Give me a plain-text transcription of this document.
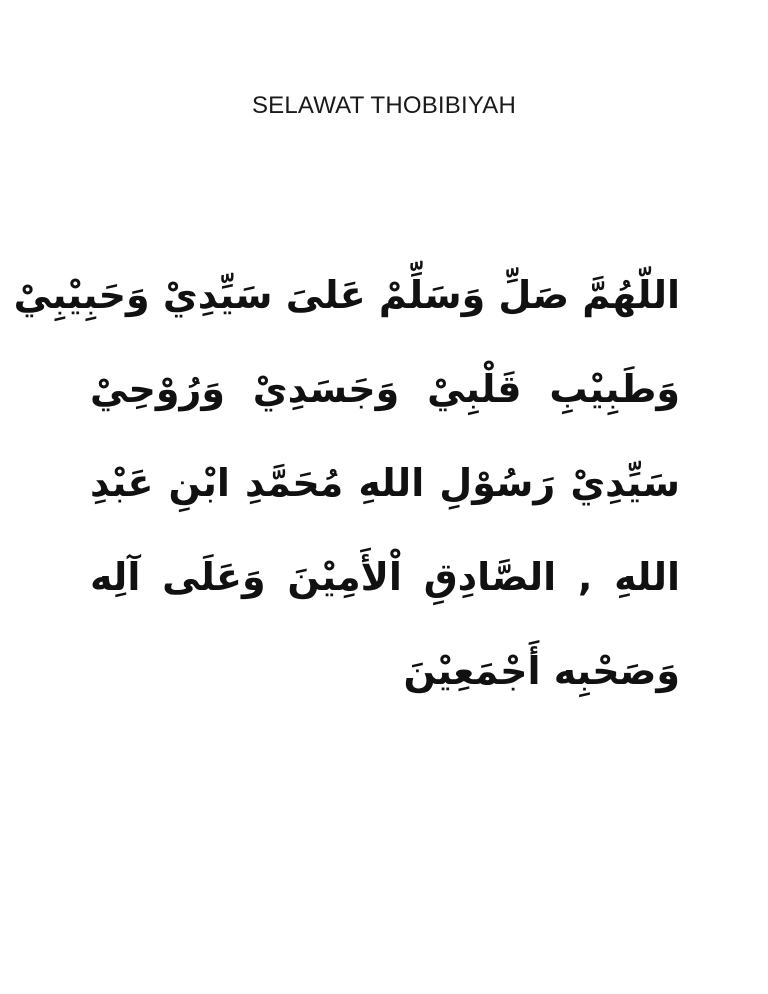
SELAWAT THOBIBIYAH
اللّهُمَّ صَلِّ وَسَلِّمْ عَلىَ سَيِّدِيْ وَحَبِيْبِيْ
وَطَبِيْبِ قَلْبِيْ وَجَسَدِيْ وَرُوْحِيْ
سَيِّدِيْ رَسُوْلِ اللهِ مُحَمَّدِ ابْنِ عَبْدِ
اللهِ , الصَّادِقِ اْلأَمِيْنَ وَعَلَى آلِه
وَصَحْبِه أَجْمَعِيْنَ
